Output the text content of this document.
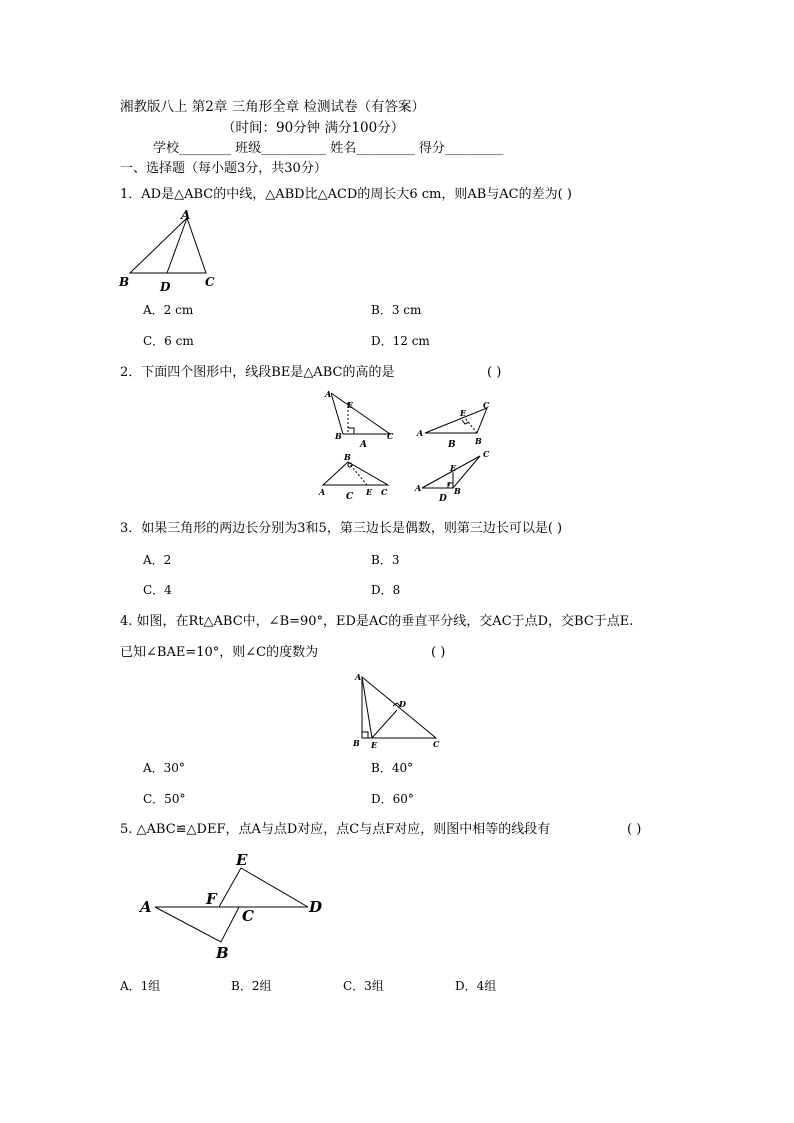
湘教版八上 第2章 三角形全章 检测试卷（有答案）
（时间：90分钟 满分100分）
学校________ 班级__________ 姓名_________ 得分_________
一、选择题（每小题3分，共30分）
1．AD是△ABC的中线，△ABD比△ACD的周长大6 cm，则AB与AC的差为( )
A
B	D	C
A．2 cm	B．3 cm
C．6 cm	D．12 cm
2．下面四个图形中，线段BE是△ABC的高的是	( )
A
E
B
A
C	A
E
C
B
B
B
A C E C
E
C
A	B
D
3．如果三角形的两边长分别为3和5，第三边长是偶数，则第三边长可以是( )
A．2	B．3
C．4	D．8
4. 如图，在Rt△ABC中，∠B=90°，ED是AC的垂直平分线，交AC于点D，交BC于点E.
已知∠BAE=10°，则∠C的度数为	( )
A
D
B E	C
A．30°	B．40°
C．50°	D．60°
5. △ABC≌△DEF，点A与点D对应，点C与点F对应，则图中相等的线段有	( )
E
A	F
C	D
B
A．1组	B．2组	C．3组	D．4组
